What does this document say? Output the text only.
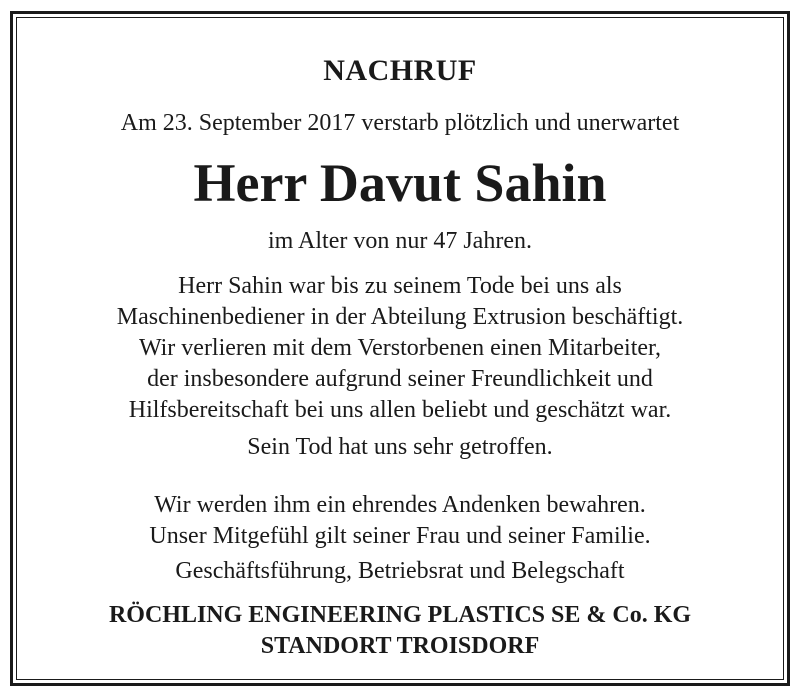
NACHRUF
Am 23. September 2017 verstarb plötzlich und unerwartet
Herr Davut Sahin
im Alter von nur 47 Jahren.
Herr Sahin war bis zu seinem Tode bei uns als
Maschinenbediener in der Abteilung Extrusion beschäftigt.
Wir verlieren mit dem Verstorbenen einen Mitarbeiter,
der insbesondere aufgrund seiner Freundlichkeit und
Hilfsbereitschaft bei uns allen beliebt und geschätzt war.
Sein Tod hat uns sehr getroffen.
Wir werden ihm ein ehrendes Andenken bewahren.
Unser Mitgefühl gilt seiner Frau und seiner Familie.
Geschäftsführung, Betriebsrat und Belegschaft
RÖCHLING ENGINEERING PLASTICS SE & Co. KG
STANDORT TROISDORF
